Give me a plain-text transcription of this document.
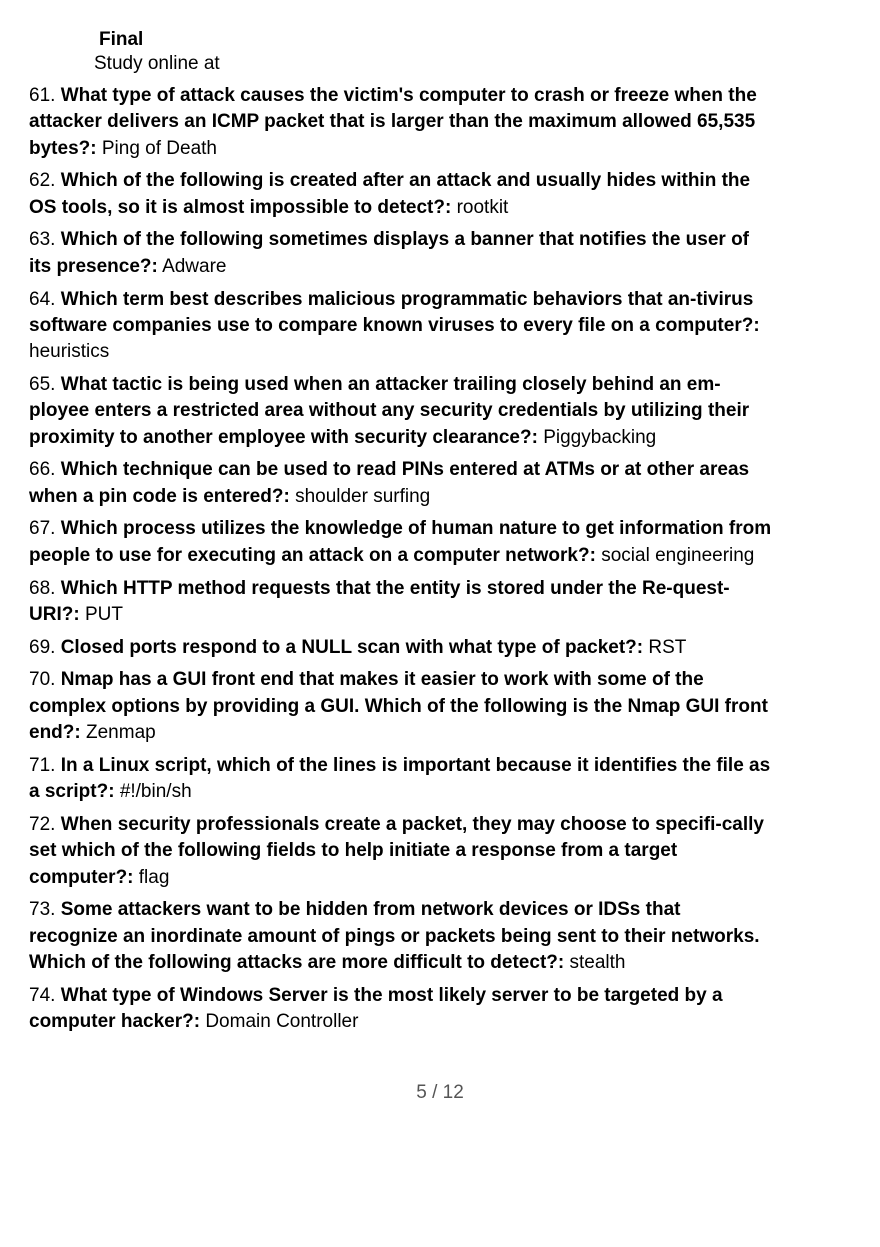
Final
Study online at
61. What type of attack causes the victim's computer to crash or freeze when the attacker delivers an ICMP packet that is larger than the maximum allowed 65,535 bytes?: Ping of Death
62. Which of the following is created after an attack and usually hides within the OS tools, so it is almost impossible to detect?: rootkit
63. Which of the following sometimes displays a banner that notifies the user of its presence?: Adware
64. Which term best describes malicious programmatic behaviors that an-tivirus software companies use to compare known viruses to every file on a computer?: heuristics
65. What tactic is being used when an attacker trailing closely behind an em-ployee enters a restricted area without any security credentials by utilizing their proximity to another employee with security clearance?: Piggybacking
66. Which technique can be used to read PINs entered at ATMs or at other areas when a pin code is entered?: shoulder surfing
67. Which process utilizes the knowledge of human nature to get information from people to use for executing an attack on a computer network?: social engineering
68. Which HTTP method requests that the entity is stored under the Re-quest-URI?: PUT
69. Closed ports respond to a NULL scan with what type of packet?: RST
70. Nmap has a GUI front end that makes it easier to work with some of the complex options by providing a GUI. Which of the following is the Nmap GUI front end?: Zenmap
71. In a Linux script, which of the lines is important because it identifies the file as a script?: #!/bin/sh
72. When security professionals create a packet, they may choose to specifi-cally set which of the following fields to help initiate a response from a target computer?: flag
73. Some attackers want to be hidden from network devices or IDSs that recognize an inordinate amount of pings or packets being sent to their networks. Which of the following attacks are more difficult to detect?: stealth
74. What type of Windows Server is the most likely server to be targeted by a computer hacker?: Domain Controller
5 / 12
